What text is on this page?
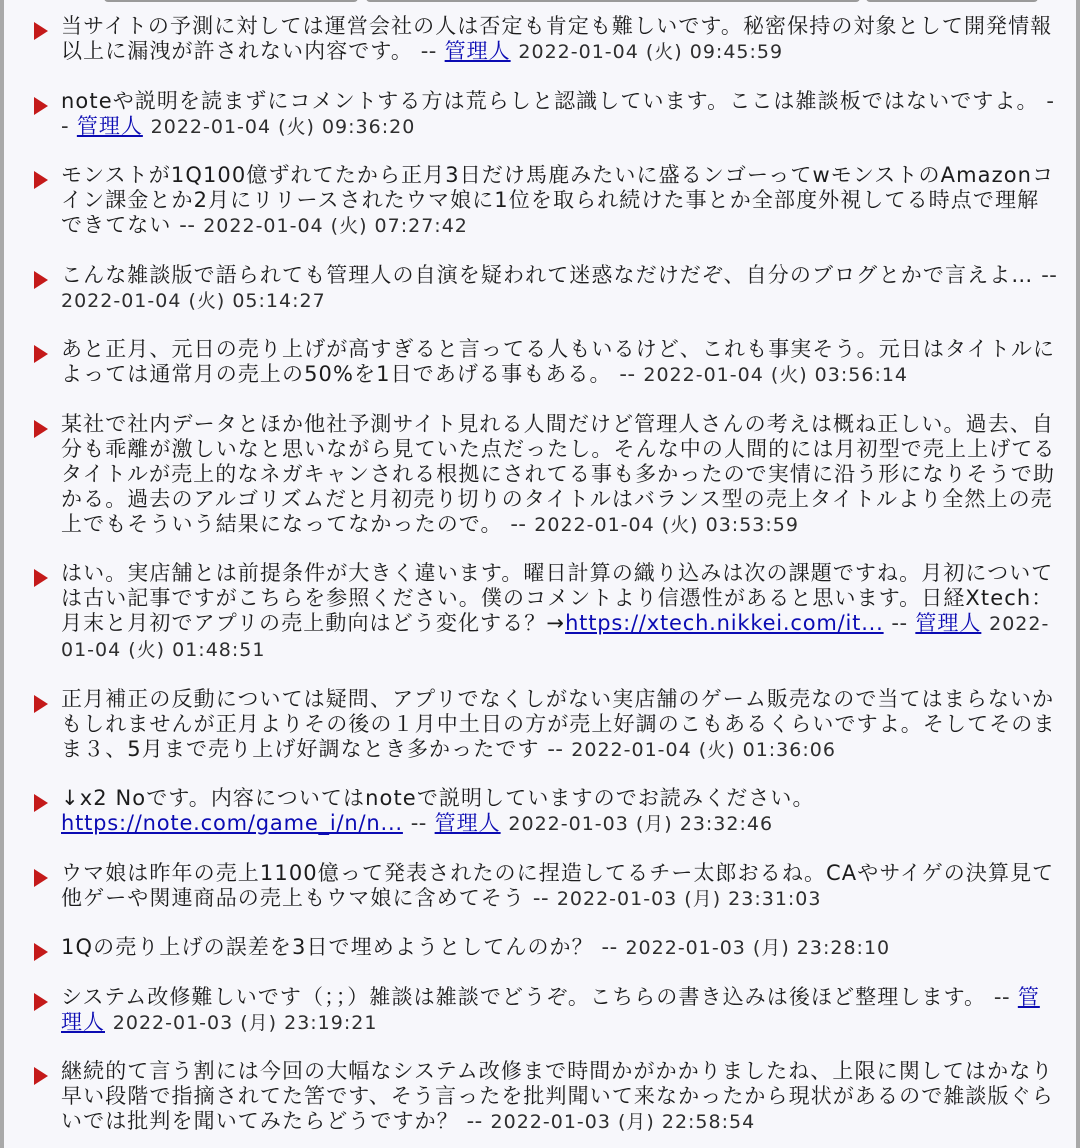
当サイトの予測に対しては運営会社の人は否定も肯定も難しいです。秘密保持の対象として開発情報以上に漏洩が許されない内容です。 -- 管理人 2022-01-04 (火) 09:45:59
noteや説明を読まずにコメントする方は荒らしと認識しています。ここは雑談板ではないですよ。 -- 管理人 2022-01-04 (火) 09:36:20
モンストが1Q100億ずれてたから正月3日だけ馬鹿みたいに盛るンゴーってwモンストのAmazonコイン課金とか2月にリリースされたウマ娘に1位を取られ続けた事とか全部度外視してる時点で理解できてない -- 2022-01-04 (火) 07:27:42
こんな雑談版で語られても管理人の自演を疑われて迷惑なだけだぞ、自分のブログとかで言えよ… -- 2022-01-04 (火) 05:14:27
あと正月、元日の売り上げが高すぎると言ってる人もいるけど、これも事実そう。元日はタイトルによっては通常月の売上の50%を1日であげる事もある。 -- 2022-01-04 (火) 03:56:14
某社で社内データとほか他社予測サイト見れる人間だけど管理人さんの考えは概ね正しい。過去、自分も乖離が激しいなと思いながら見ていた点だったし。そんな中の人間的には月初型で売上上げてるタイトルが売上的なネガキャンされる根拠にされてる事も多かったので実情に沿う形になりそうで助かる。過去のアルゴリズムだと月初売り切りのタイトルはバランス型の売上タイトルより全然上の売上でもそういう結果になってなかったので。 -- 2022-01-04 (火) 03:53:59
はい。実店舗とは前提条件が大きく違います。曜日計算の織り込みは次の課題ですね。月初については古い記事ですがこちらを参照ください。僕のコメントより信憑性があると思います。日経Xtech：月末と月初でアプリの売上動向はどう変化する？→https://xtech.nikkei.com/it... -- 管理人 2022-01-04 (火) 01:48:51
正月補正の反動については疑問、アプリでなくしがない実店舗のゲーム販売なので当てはまらないかもしれませんが正月よりその後の１月中土日の方が売上好調のこもあるくらいですよ。そしてそのまま３、5月まで売り上げ好調なとき多かったです -- 2022-01-04 (火) 01:36:06
↓x2 Noです。内容についてはnoteで説明していますのでお読みください。https://note.com/game_i/n/n... -- 管理人 2022-01-03 (月) 23:32:46
ウマ娘は昨年の売上1100億って発表されたのに捏造してるチー太郎おるね。CAやサイゲの決算見て他ゲーや関連商品の売上もウマ娘に含めてそう -- 2022-01-03 (月) 23:31:03
1Qの売り上げの誤差を3日で埋めようとしてんのか？ -- 2022-01-03 (月) 23:28:10
システム改修難しいです（；；）雑談は雑談でどうぞ。こちらの書き込みは後ほど整理します。 -- 管理人 2022-01-03 (月) 23:19:21
継続的て言う割には今回の大幅なシステム改修まで時間かがかかりましたね、上限に関してはかなり早い段階で指摘されてた筈です、そう言ったを批判聞いて来なかったから現状があるので雑談版ぐらいでは批判を聞いてみたらどうですか？ -- 2022-01-03 (月) 22:58:54
